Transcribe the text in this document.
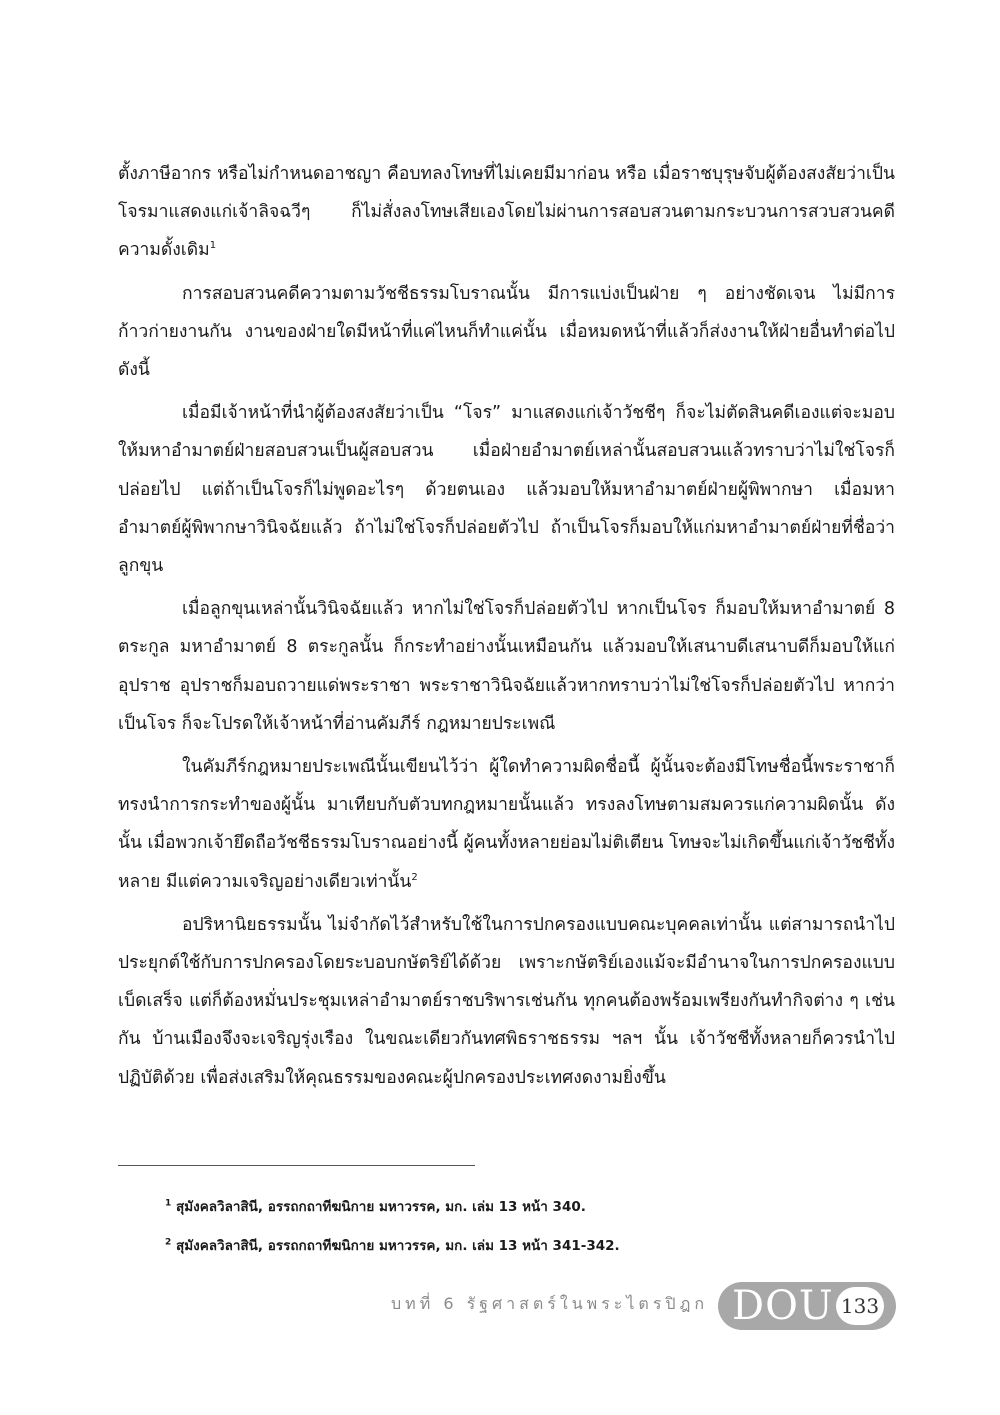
ตั้งภาษีอากร หรือไม่กำหนดอาชญา คือบทลงโทษที่ไม่เคยมีมาก่อน หรือ เมื่อราชบุรุษจับผู้ต้องสงสัยว่าเป็นโจรมาแสดงแก่เจ้าลิจฉวีๆ ก็ไม่สั่งลงโทษเสียเองโดยไม่ผ่านการสอบสวนตามกระบวนการสวบสวนคดีความดั้งเดิม$^1$

การสอบสวนคดีความตามวัชชีธรรมโบราณนั้น มีการแบ่งเป็นฝ่าย ๆ อย่างชัดเจน ไม่มีการก้าวก่ายงานกัน งานของฝ่ายใดมีหน้าที่แค่ไหนก็ทำแค่นั้น เมื่อหมดหน้าที่แล้วก็ส่งงานให้ฝ่ายอื่นทำต่อไปดังนี้

เมื่อมีเจ้าหน้าที่นำผู้ต้องสงสัยว่าเป็น “โจร” มาแสดงแก่เจ้าวัชชีๆ ก็จะไม่ตัดสินคดีเองแต่จะมอบให้มหาอำมาตย์ฝ่ายสอบสวนเป็นผู้สอบสวน เมื่อฝ่ายอำมาตย์เหล่านั้นสอบสวนแล้วทราบว่าไม่ใช่โจรก็ปล่อยไป แต่ถ้าเป็นโจรก็ไม่พูดอะไรๆ ด้วยตนเอง แล้วมอบให้มหาอำมาตย์ฝ่ายผู้พิพากษา เมื่อมหาอำมาตย์ผู้พิพากษาวินิจฉัยแล้ว ถ้าไม่ใช่โจรก็ปล่อยตัวไป ถ้าเป็นโจรก็มอบให้แก่มหาอำมาตย์ฝ่ายที่ชื่อว่า ลูกขุน

เมื่อลูกขุนเหล่านั้นวินิจฉัยแล้ว หากไม่ใช่โจรก็ปล่อยตัวไป หากเป็นโจร ก็มอบให้มหาอำมาตย์ 8 ตระกูล มหาอำมาตย์ 8 ตระกูลนั้น ก็กระทำอย่างนั้นเหมือนกัน แล้วมอบให้เสนาบดีเสนาบดีก็มอบให้แก่อุปราช อุปราชก็มอบถวายแด่พระราชา พระราชาวินิจฉัยแล้วหากทราบว่าไม่ใช่โจรก็ปล่อยตัวไป หากว่าเป็นโจร ก็จะโปรดให้เจ้าหน้าที่อ่านคัมภีร์ กฎหมายประเพณี

ในคัมภีร์กฎหมายประเพณีนั้นเขียนไว้ว่า ผู้ใดทำความผิดชื่อนี้ ผู้นั้นจะต้องมีโทษชื่อนี้พระราชาก็ทรงนำการกระทำของผู้นั้น มาเทียบกับตัวบทกฎหมายนั้นแล้ว ทรงลงโทษตามสมควรแก่ความผิดนั้น ดังนั้น เมื่อพวกเจ้ายึดถือวัชชีธรรมโบราณอย่างนี้ ผู้คนทั้งหลายย่อมไม่ติเตียน โทษจะไม่เกิดขึ้นแก่เจ้าวัชชีทั้งหลาย มีแต่ความเจริญอย่างเดียวเท่านั้น$^2$

อปริหานิยธรรมนั้น ไม่จำกัดไว้สำหรับใช้ในการปกครองแบบคณะบุคคลเท่านั้น แต่สามารถนำไปประยุกต์ใช้กับการปกครองโดยระบอบกษัตริย์ได้ด้วย เพราะกษัตริย์เองแม้จะมีอำนาจในการปกครองแบบเบ็ดเสร็จ แต่ก็ต้องหมั่นประชุมเหล่าอำมาตย์ราชบริพารเช่นกัน ทุกคนต้องพร้อมเพรียงกันทำกิจต่าง ๆ เช่นกัน บ้านเมืองจึงจะเจริญรุ่งเรือง ในขณะเดียวกันทศพิธราชธรรม ฯลฯ นั้น เจ้าวัชชีทั้งหลายก็ควรนำไปปฏิบัติด้วย เพื่อส่งเสริมให้คุณธรรมของคณะผู้ปกครองประเทศงดงามยิ่งขึ้น

$^1$ สุมังคลวิลาสินี, อรรถกถาทีฆนิกาย มหาวรรค, มก. เล่ม 13 หน้า 340.
$^2$ สุมังคลวิลาสินี, อรรถกถาทีฆนิกาย มหาวรรค, มก. เล่ม 13 หน้า 341-342.
บทที่ 6 รัฐศาสตร์ในพระไตรปิฎก DOU 133
